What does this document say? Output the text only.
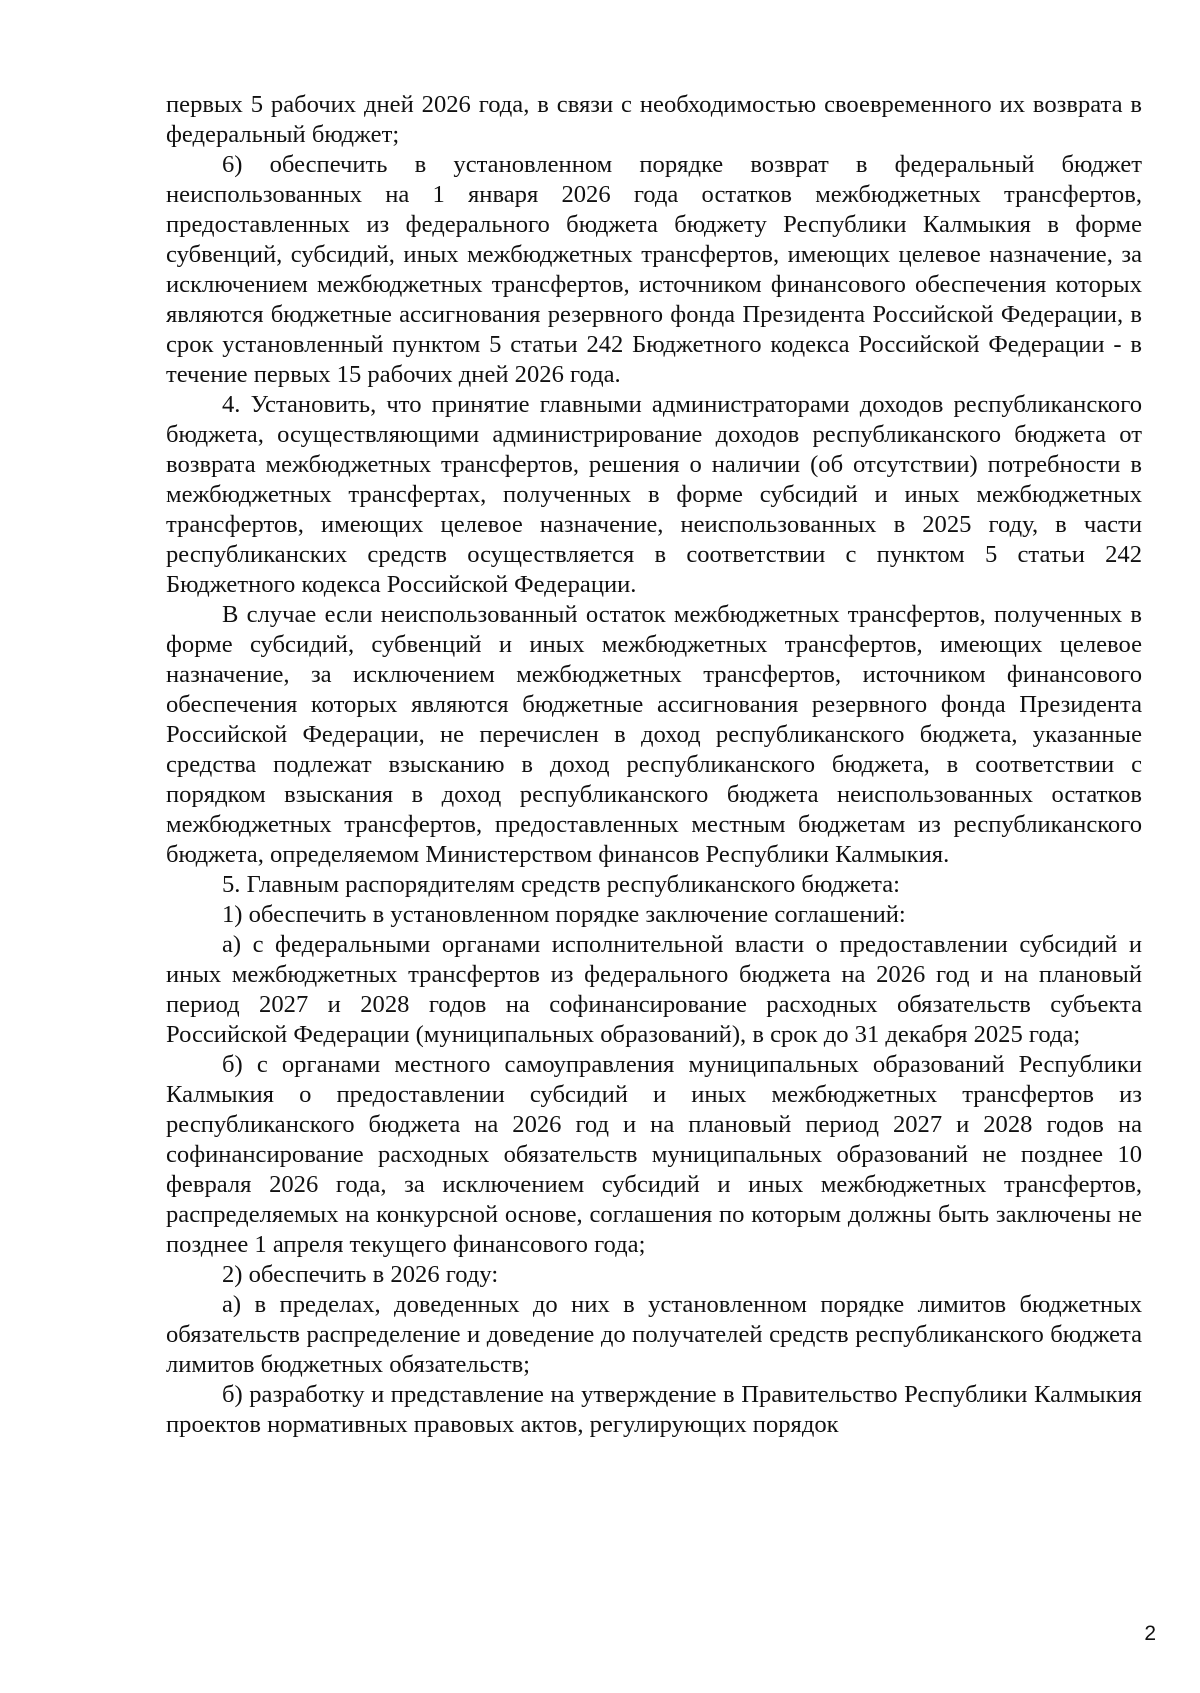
первых 5 рабочих дней 2026 года, в связи с необходимостью своевременного их возврата в федеральный бюджет;

6) обеспечить в установленном порядке возврат в федеральный бюджет неиспользованных на 1 января 2026 года остатков межбюджетных трансфертов, предоставленных из федерального бюджета бюджету Республики Калмыкия в форме субвенций, субсидий, иных межбюджетных трансфертов, имеющих целевое назначение, за исключением межбюджетных трансфертов, источником финансового обеспечения которых являются бюджетные ассигнования резервного фонда Президента Российской Федерации, в срок установленный пунктом 5 статьи 242 Бюджетного кодекса Российской Федерации - в течение первых 15 рабочих дней 2026 года.

4. Установить, что принятие главными администраторами доходов республиканского бюджета, осуществляющими администрирование доходов республиканского бюджета от возврата межбюджетных трансфертов, решения о наличии (об отсутствии) потребности в межбюджетных трансфертах, полученных в форме субсидий и иных межбюджетных трансфертов, имеющих целевое назначение, неиспользованных в 2025 году, в части республиканских средств осуществляется в соответствии с пунктом 5 статьи 242 Бюджетного кодекса Российской Федерации.

В случае если неиспользованный остаток межбюджетных трансфертов, полученных в форме субсидий, субвенций и иных межбюджетных трансфертов, имеющих целевое назначение, за исключением межбюджетных трансфертов, источником финансового обеспечения которых являются бюджетные ассигнования резервного фонда Президента Российской Федерации, не перечислен в доход республиканского бюджета, указанные средства подлежат взысканию в доход республиканского бюджета, в соответствии с порядком взыскания в доход республиканского бюджета неиспользованных остатков межбюджетных трансфертов, предоставленных местным бюджетам из республиканского бюджета, определяемом Министерством финансов Республики Калмыкия.

5. Главным распорядителям средств республиканского бюджета:

1) обеспечить в установленном порядке заключение соглашений:

а) с федеральными органами исполнительной власти о предоставлении субсидий и иных межбюджетных трансфертов из федерального бюджета на 2026 год и на плановый период 2027 и 2028 годов на софинансирование расходных обязательств субъекта Российской Федерации (муниципальных образований), в срок до 31 декабря 2025 года;

б) с органами местного самоуправления муниципальных образований Республики Калмыкия о предоставлении субсидий и иных межбюджетных трансфертов из республиканского бюджета на 2026 год и на плановый период 2027 и 2028 годов на софинансирование расходных обязательств муниципальных образований не позднее 10 февраля 2026 года, за исключением субсидий и иных межбюджетных трансфертов, распределяемых на конкурсной основе, соглашения по которым должны быть заключены не позднее 1 апреля текущего финансового года;

2) обеспечить в 2026 году:

а) в пределах, доведенных до них в установленном порядке лимитов бюджетных обязательств распределение и доведение до получателей средств республиканского бюджета лимитов бюджетных обязательств;

б) разработку и представление на утверждение в Правительство Республики Калмыкия проектов нормативных правовых актов, регулирующих порядок

2
